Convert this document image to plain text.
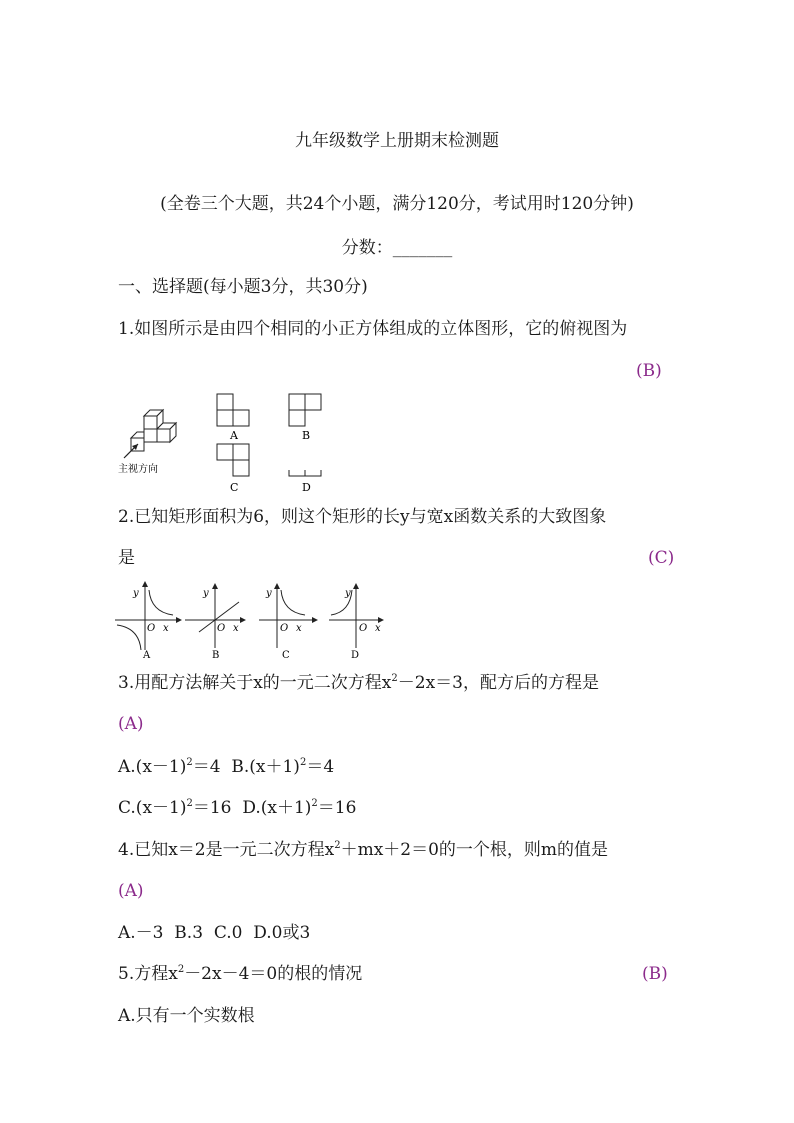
九年级数学上册期末检测题
(全卷三个大题，共24个小题，满分120分，考试用时120分钟)
分数：_______
一、选择题(每小题3分，共30分)
1.如图所示是由四个相同的小正方体组成的立体图形，它的俯视图为
(B)
主视方向
A	B
C	D
2.已知矩形面积为6，则这个矩形的长y与宽x函数关系的大致图象
是	(C)
y
O x
A
y
O x
B
y
O x
C
y
O x
D
3.用配方法解关于x的一元二次方程$x^2-2x=3$，配方后的方程是
(A)
$A.(x-1)^2=4$ $B.(x+1)^2=4$
$C.(x-1)^2=16$ $D.(x+1)^2=16$
4.已知x＝2是一元二次方程$x^2+mx+2=0$的一个根，则m的值是
(A)
A.－3  B.3  C.0  D.0或3
5.方程$x^2-2x-4=0$的根的情况	(B)
A.只有一个实数根
